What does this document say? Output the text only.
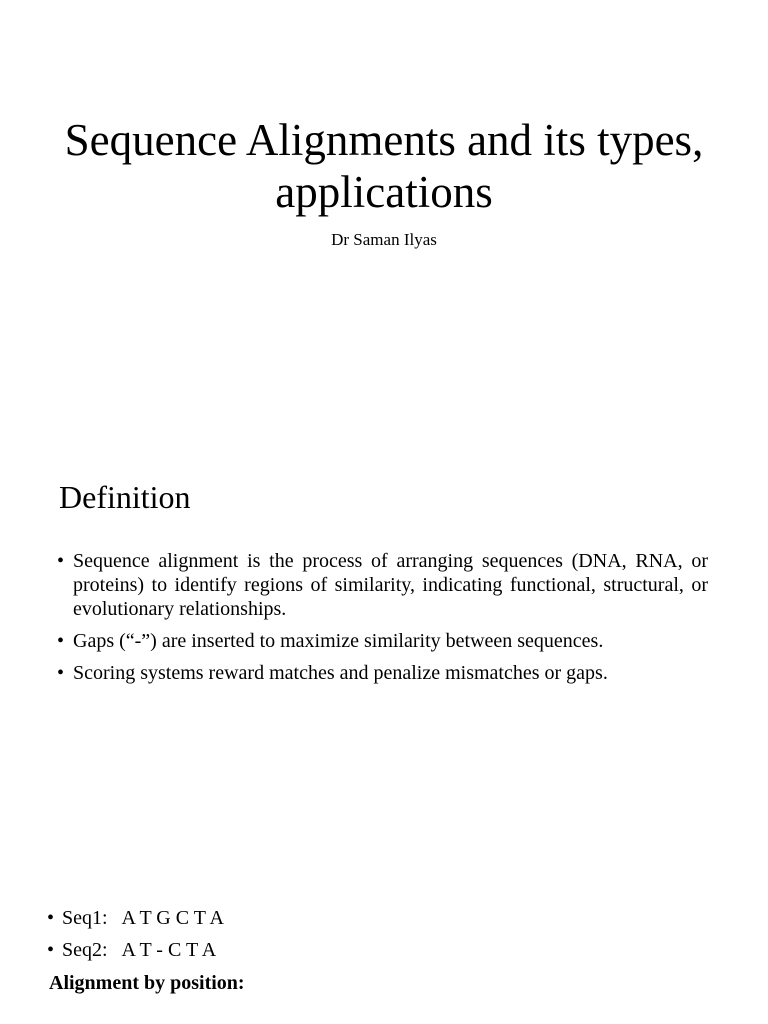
Sequence Alignments and its types, applications
Dr Saman Ilyas
Definition
• Sequence alignment is the process of arranging sequences (DNA, RNA, or proteins) to identify regions of similarity, indicating functional, structural, or evolutionary relationships.
• Gaps (“-”) are inserted to maximize similarity between sequences.
• Scoring systems reward matches and penalize mismatches or gaps.
• Seq1: A T G C T A
• Seq2: A T - C T A
Alignment by position:
